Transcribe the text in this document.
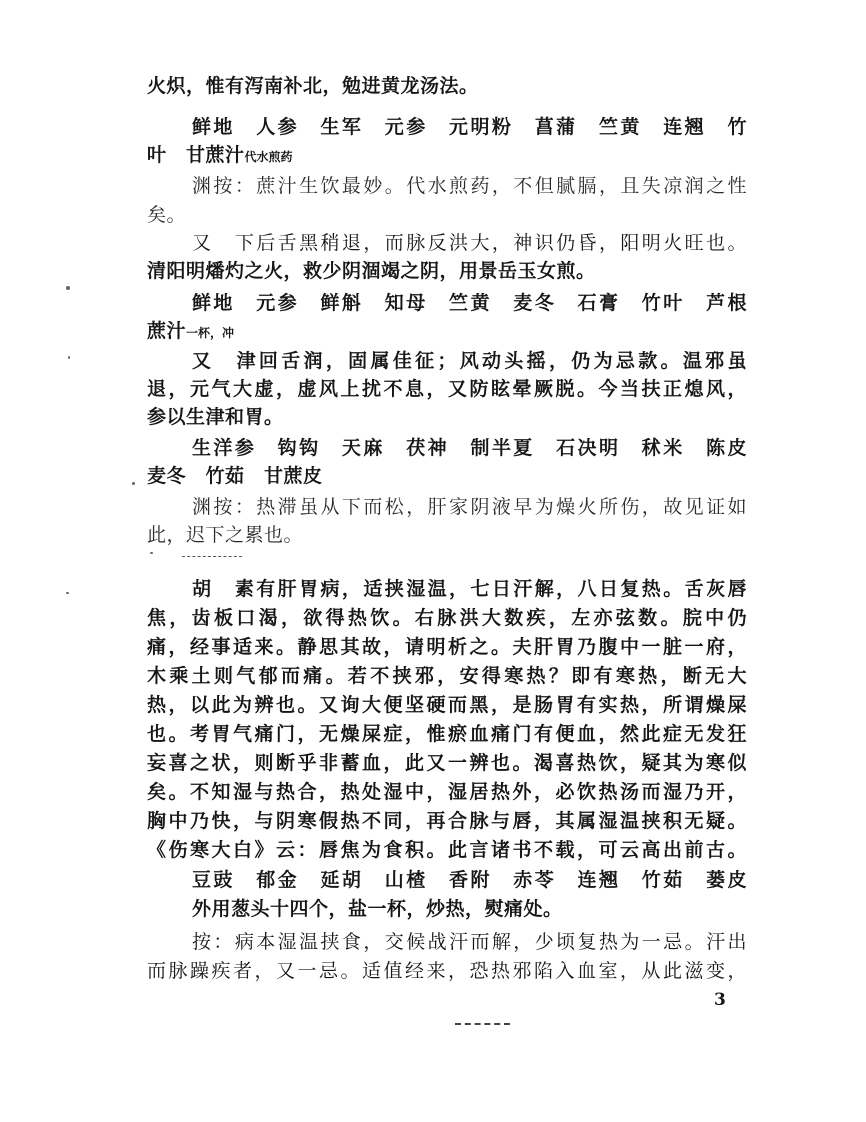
火炽，惟有泻南补北，勉进黄龙汤法。
鲜地　人参　生军　元参　元明粉　菖蒲　竺黄　连翘　竹
叶　甘蔗汁代水煎药
渊按：蔗汁生饮最妙。代水煎药，不但腻膈，且失凉润之性
矣。
又　下后舌黑稍退，而脉反洪大，神识仍昏，阳明火旺也。
清阳明燔灼之火，救少阴涸竭之阴，用景岳玉女煎。
鲜地　元参　鲜斛　知母　竺黄　麦冬　石膏　竹叶　芦根
蔗汁一杯，冲
又　津回舌润，固属佳征；风动头摇，仍为忌款。温邪虽
退，元气大虚，虚风上扰不息，又防眩晕厥脱。今当扶正熄风，
参以生津和胃。
生洋参　钩钩　天麻　茯神　制半夏　石决明　秫米　陈皮
麦冬　竹茹　甘蔗皮
渊按：热滞虽从下而松，肝家阴液早为燥火所伤，故见证如
此，迟下之累也。
胡　素有肝胃病，适挟湿温，七日汗解，八日复热。舌灰唇
焦，齿板口渴，欲得热饮。右脉洪大数疾，左亦弦数。脘中仍
痛，经事适来。静思其故，请明析之。夫肝胃乃腹中一脏一府，
木乘土则气郁而痛。若不挟邪，安得寒热？即有寒热，断无大
热，以此为辨也。又询大便坚硬而黑，是肠胃有实热，所谓燥屎
也。考胃气痛门，无燥屎症，惟瘀血痛门有便血，然此症无发狂
妄喜之状，则断乎非蓄血，此又一辨也。渴喜热饮，疑其为寒似
矣。不知湿与热合，热处湿中，湿居热外，必饮热汤而湿乃开，
胸中乃快，与阴寒假热不同，再合脉与唇，其属湿温挟积无疑。
《伤寒大白》云：唇焦为食积。此言诸书不载，可云高出前古。
豆豉　郁金　延胡　山楂　香附　赤苓　连翘　竹茹　蒌皮
外用葱头十四个，盐一杯，炒热，熨痛处。
按：病本湿温挟食，交候战汗而解，少顷复热为一忌。汗出
而脉躁疾者，又一忌。适值经来，恐热邪陷入血室，从此滋变，
3
